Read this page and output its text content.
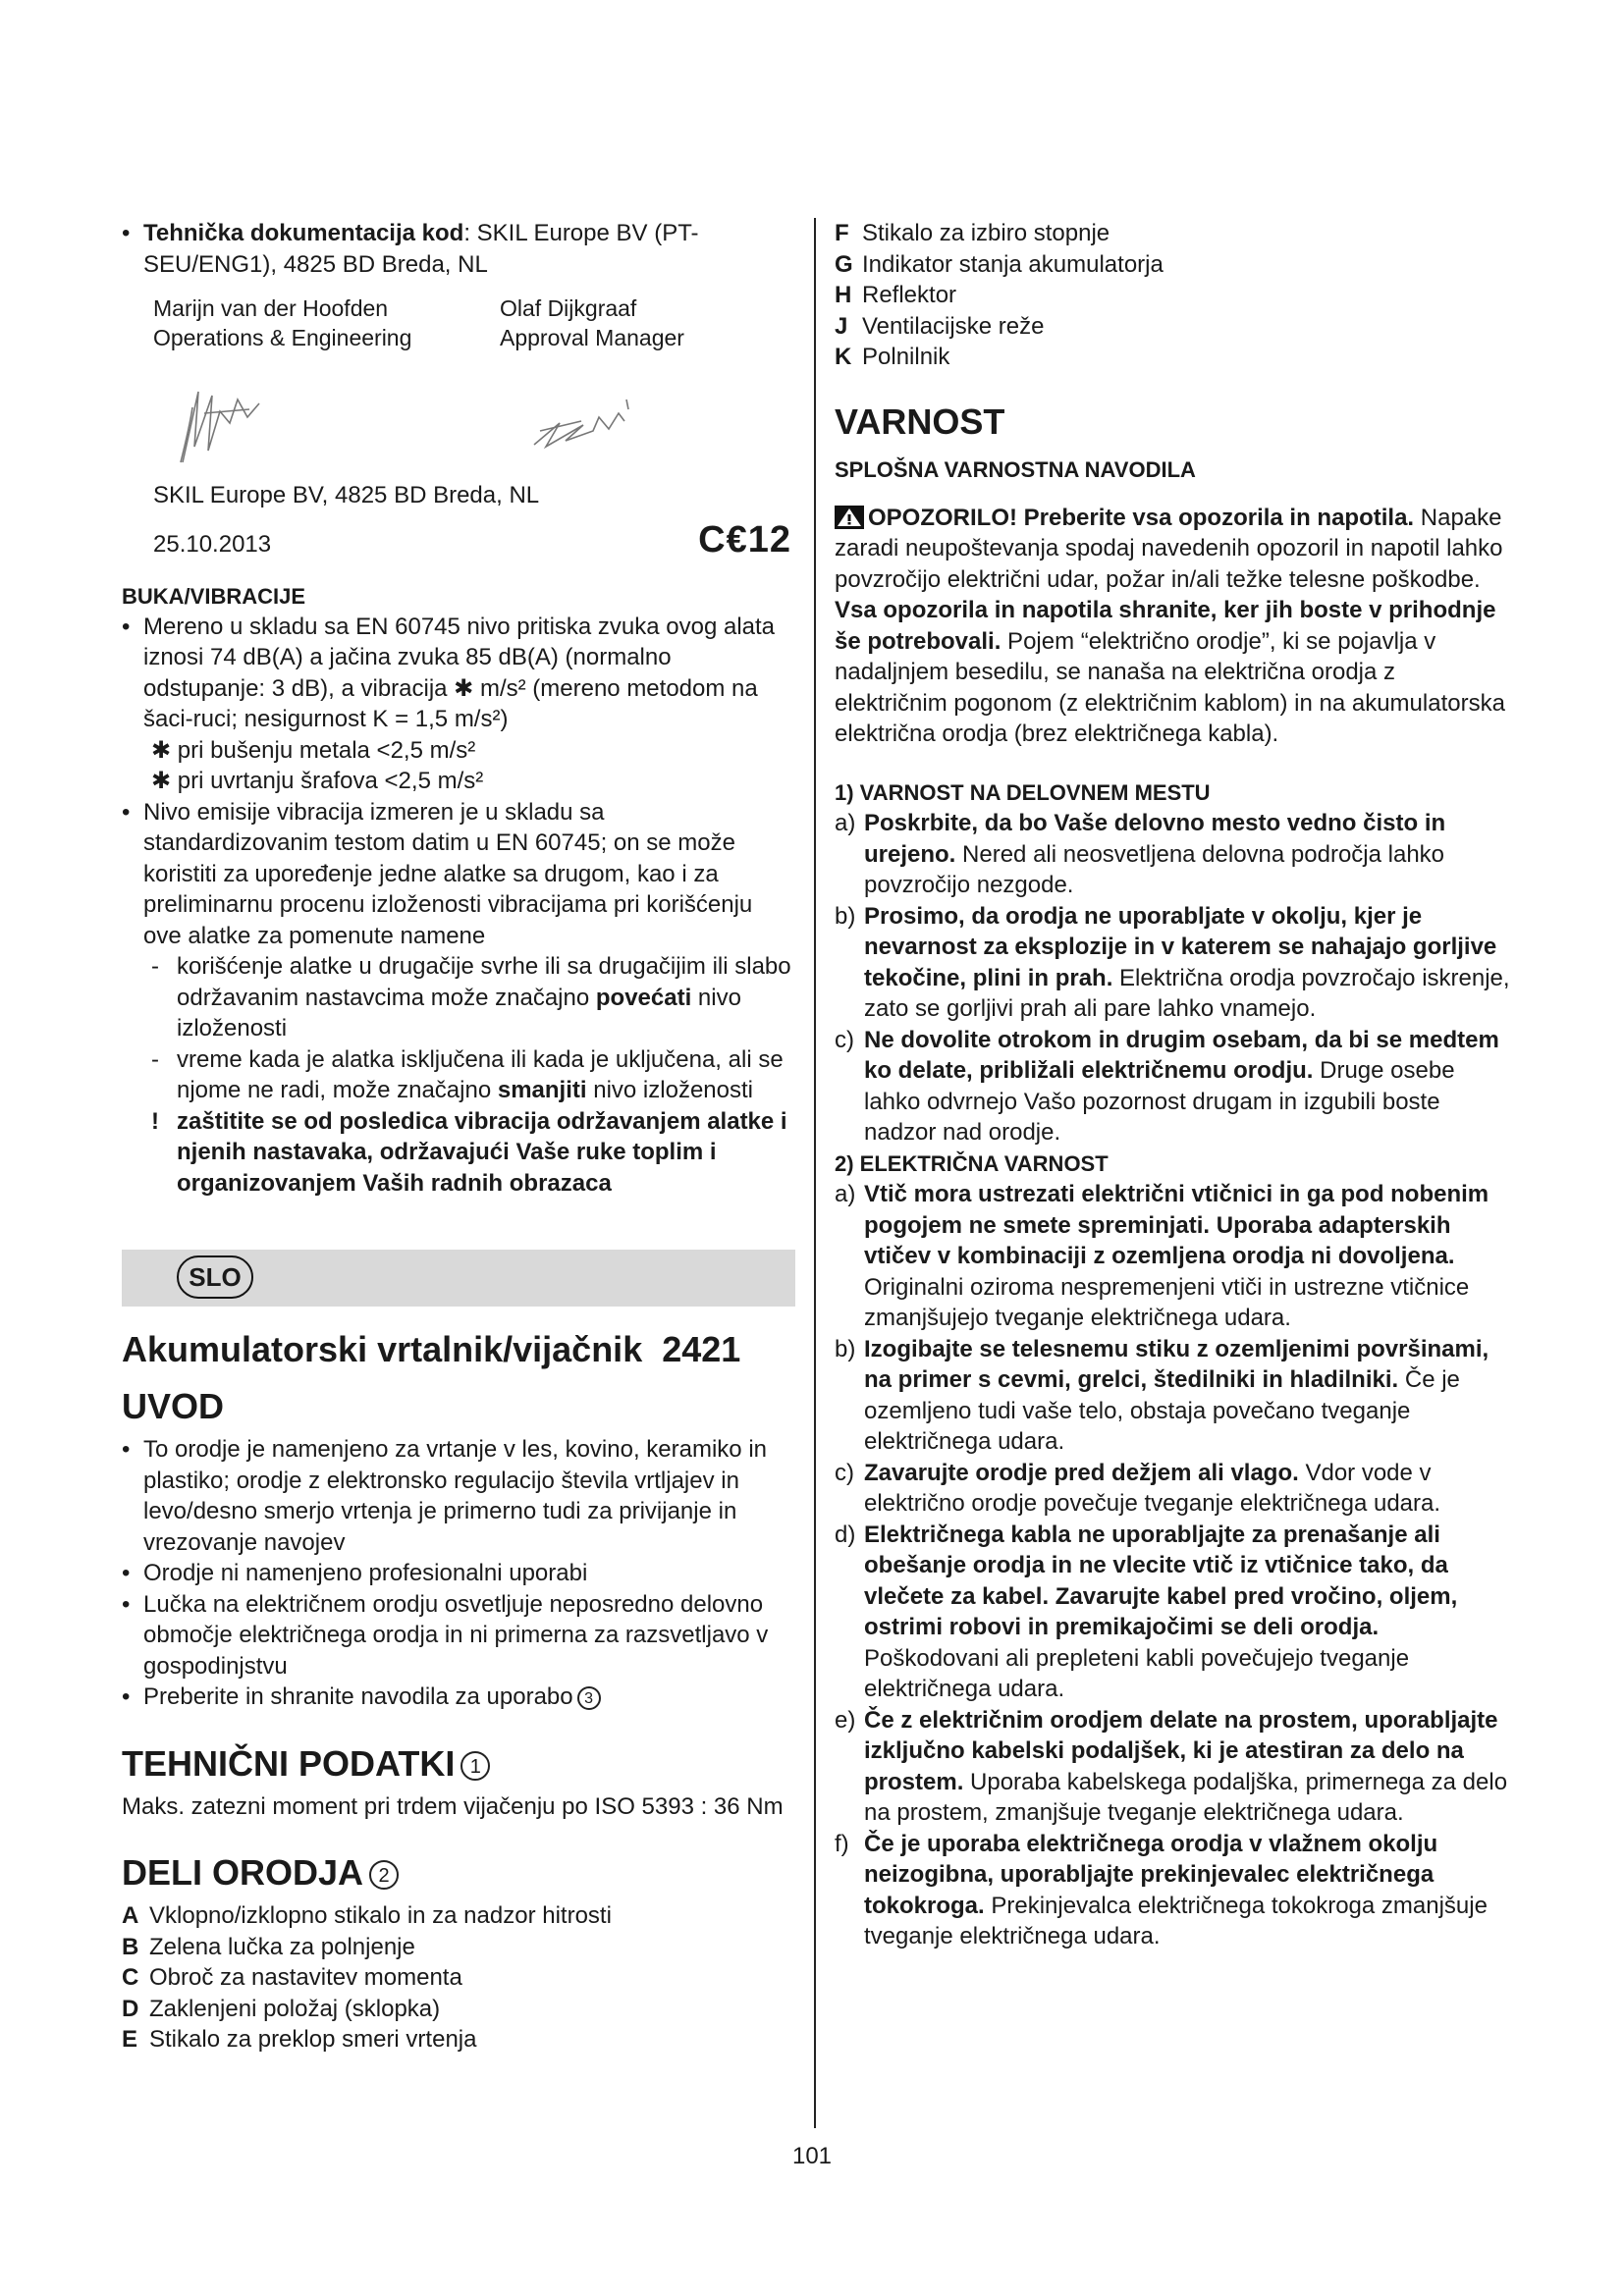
• Tehnička dokumentacija kod: SKIL Europe BV (PT-SEU/ENG1), 4825 BD Breda, NL
Marijn van der Hoofden
Operations & Engineering
Olaf Dijkgraaf
Approval Manager

SKIL Europe BV, 4825 BD Breda, NL

25.10.2013	C€12

BUKA/VIBRACIJE

• Mereno u skladu sa EN 60745 nivo pritiska zvuka ovog alata iznosi 74 dB(A) a jačina zvuka 85 dB(A) (normalno odstupanje: 3 dB), a vibracija ✱ m/s² (mereno metodom na šaci-ruci; nesigurnost K = 1,5 m/s²)
✱ pri bušenju metala <2,5 m/s²
✱ pri uvrtanju šrafova <2,5 m/s²
• Nivo emisije vibracija izmeren je u skladu sa standardizovanim testom datim u EN 60745; on se može koristiti za upoređenje jedne alatke sa drugom, kao i za preliminarnu procenu izloženosti vibracijama pri korišćenju ove alatke za pomenute namene
- korišćenje alatke u drugačije svrhe ili sa drugačijim ili slabo održavanim nastavcima može značajno povećati nivo izloženosti
- vreme kada je alatka isključena ili kada je uključena, ali se njome ne radi, može značajno smanjiti nivo izloženosti
! zaštitite se od posledica vibracija održavanjem alatke i njenih nastavaka, održavajući Vaše ruke toplim i organizovanjem Vaših radnih obrazaca
SLO

Akumulatorski vrtalnik/vijačnik  2421

UVOD

• To orodje je namenjeno za vrtanje v les, kovino, keramiko in plastiko; orodje z elektronsko regulacijo števila vrtljajev in levo/desno smerjo vrtenja je primerno tudi za privijanje in vrezovanje navojev
• Orodje ni namenjeno profesionalni uporabi
• Lučka na električnem orodju osvetljuje neposredno delovno območje električnega orodja in ni primerna za razsvetljavo v gospodinjstvu
• Preberite in shranite navodila za uporabo 3

TEHNIČNI PODATKI 1

Maks. zatezni moment pri trdem vijačenju po ISO 5393 : 36 Nm

DELI ORODJA 2

A Vklopno/izklopno stikalo in za nadzor hitrosti
B Zelena lučka za polnjenje
C Obroč za nastavitev momenta
D Zaklenjeni položaj (sklopka)
E Stikalo za preklop smeri vrtenja
F Stikalo za izbiro stopnje
G Indikator stanja akumulatorja
H Reflektor
J Ventilacijske reže
K Polnilnik

VARNOST

SPLOŠNA VARNOSTNA NAVODILA

OPOZORILO! Preberite vsa opozorila in napotila. Napake zaradi neupoštevanja spodaj navedenih opozoril in napotil lahko povzročijo električni udar, požar in/ali težke telesne poškodbe. Vsa opozorila in napotila shranite, ker jih boste v prihodnje še potrebovali. Pojem “električno orodje”, ki se pojavlja v nadaljnjem besedilu, se nanaša na električna orodja z električnim pogonom (z električnim kablom) in na akumulatorska električna orodja (brez električnega kabla).

1) VARNOST NA DELOVNEM MESTU

a) Poskrbite, da bo Vaše delovno mesto vedno čisto in urejeno. Nered ali neosvetljena delovna področja lahko povzročijo nezgode.
b) Prosimo, da orodja ne uporabljate v okolju, kjer je nevarnost za eksplozije in v katerem se nahajajo gorljive tekočine, plini in prah. Električna orodja povzročajo iskrenje, zato se gorljivi prah ali pare lahko vnamejo.
c) Ne dovolite otrokom in drugim osebam, da bi se medtem ko delate, približali električnemu orodju. Druge osebe lahko odvrnejo Vašo pozornost drugam in izgubili boste nadzor nad orodje.

2) ELEKTRIČNA VARNOST

a) Vtič mora ustrezati električni vtičnici in ga pod nobenim pogojem ne smete spreminjati. Uporaba adapterskih vtičev v kombinaciji z ozemljena orodja ni dovoljena. Originalni oziroma nespremenjeni vtiči in ustrezne vtičnice zmanjšujejo tveganje električnega udara.
b) Izogibajte se telesnemu stiku z ozemljenimi površinami, na primer s cevmi, grelci, štedilniki in hladilniki. Če je ozemljeno tudi vaše telo, obstaja povečano tveganje električnega udara.
c) Zavarujte orodje pred dežjem ali vlago. Vdor vode v električno orodje povečuje tveganje električnega udara.
d) Električnega kabla ne uporabljajte za prenašanje ali obešanje orodja in ne vlecite vtič iz vtičnice tako, da vlečete za kabel. Zavarujte kabel pred vročino, oljem, ostrimi robovi in premikajočimi se deli orodja. Poškodovani ali prepleteni kabli povečujejo tveganje električnega udara.
e) Če z električnim orodjem delate na prostem, uporabljajte izključno kabelski podaljšek, ki je atestiran za delo na prostem. Uporaba kabelskega podaljška, primernega za delo na prostem, zmanjšuje tveganje električnega udara.
f) Če je uporaba električnega orodja v vlažnem okolju neizogibna, uporabljajte prekinjevalec električnega tokokroga. Prekinjevalca električnega tokokroga zmanjšuje tveganje električnega udara.
101
